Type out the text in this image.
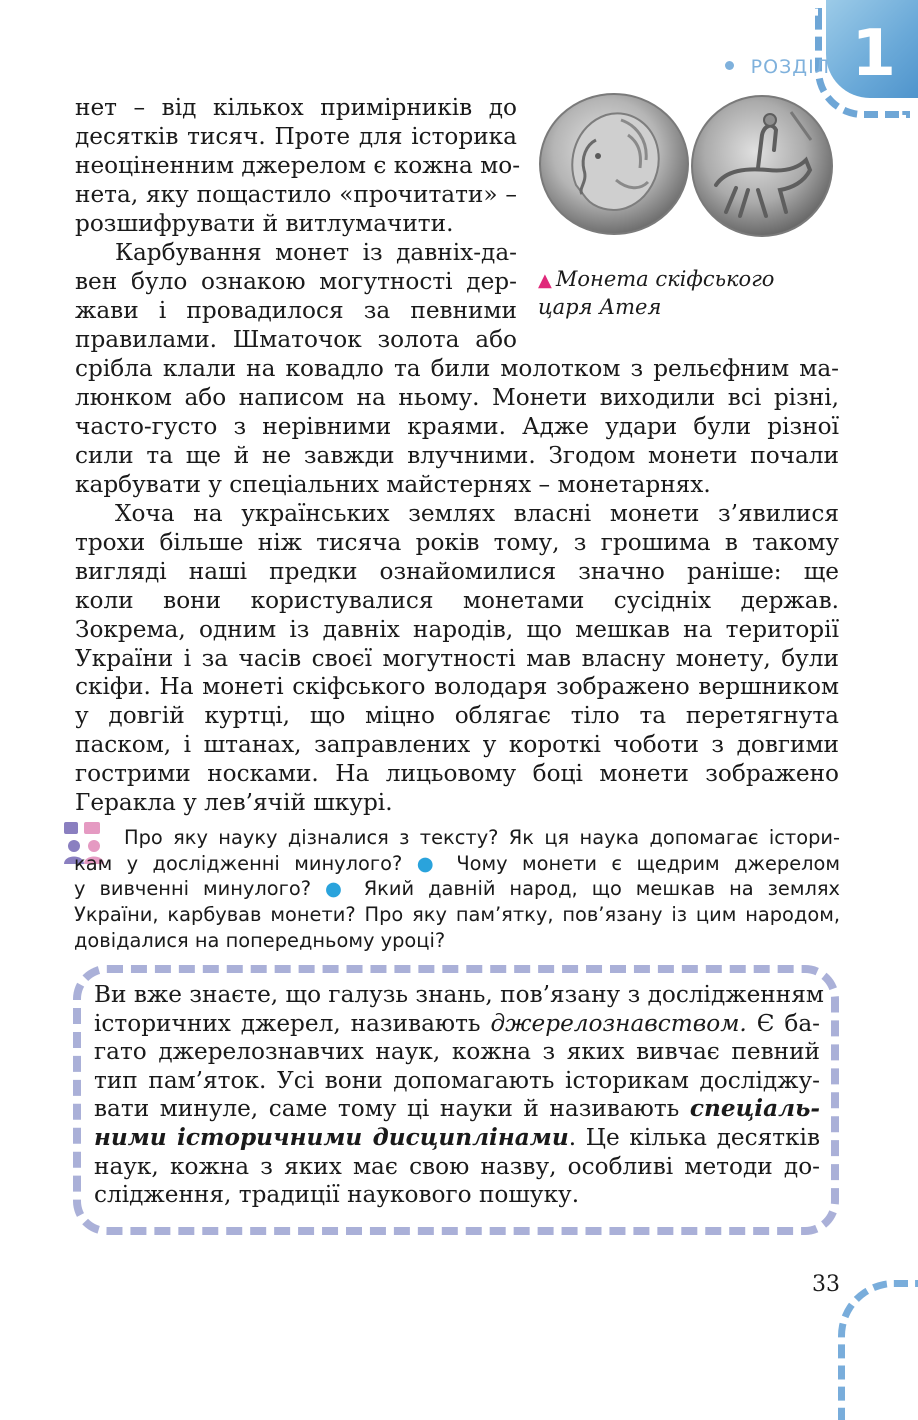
1
РОЗДІЛ
нет – від кількох примірників до
десятків тисяч. Проте для історика
неоціненним джерелом є кожна мо-
нета, яку пощастило «прочитати» –
розшифрувати й витлумачити.
Карбування монет із давніх-да-
вен було ознакою могутності дер-
жави і провадилося за певними
правилами. Шматочок золота або
▲ Монета скіфського
царя Атея
срібла клали на ковадло та били молотком з рельєфним ма-
люнком або написом на ньому. Монети виходили всі різні,
часто-густо з нерівними краями. Адже удари були різної
сили та ще й не завжди влучними. Згодом монети почали
карбувати у спеціальних майстернях – монетарнях.
Хоча на українських землях власні монети з’явилися
трохи більше ніж тисяча років тому, з грошима в такому
вигляді наші предки ознайомилися значно раніше: ще
коли вони користувалися монетами сусідніх держав.
Зокрема, одним із давніх народів, що мешкав на території
України і за часів своєї могутності мав власну монету, були
скіфи. На монеті скіфського володаря зображено вершником
у довгій куртці, що міцно облягає тіло та перетягнута
паском, і штанах, заправлених у короткі чоботи з довгими
гострими носками. На лицьовому боці монети зображено
Геракла у лев’ячій шкурі.
Про яку науку дізналися з тексту? Як ця наука допомагає істори-
кам у дослідженні минулого? ● Чому монети є щедрим джерелом
у вивченні минулого? ● Який давній народ, що мешкав на землях
України, карбував монети? Про яку пам’ятку, пов’язану із цим народом,
довідалися на попередньому уроці?
Ви вже знаєте, що галузь знань, пов’язану з дослідженням
історичних джерел, називають джерелознавством. Є ба-
гато джерелознавчих наук, кожна з яких вивчає певний
тип пам’яток. Усі вони допомагають історикам досліджу-
вати минуле, саме тому ці науки й називають спеціаль-
ними історичними дисциплінами. Це кілька десятків
наук, кожна з яких має свою назву, особливі методи до-
слідження, традиції наукового пошуку.
33
